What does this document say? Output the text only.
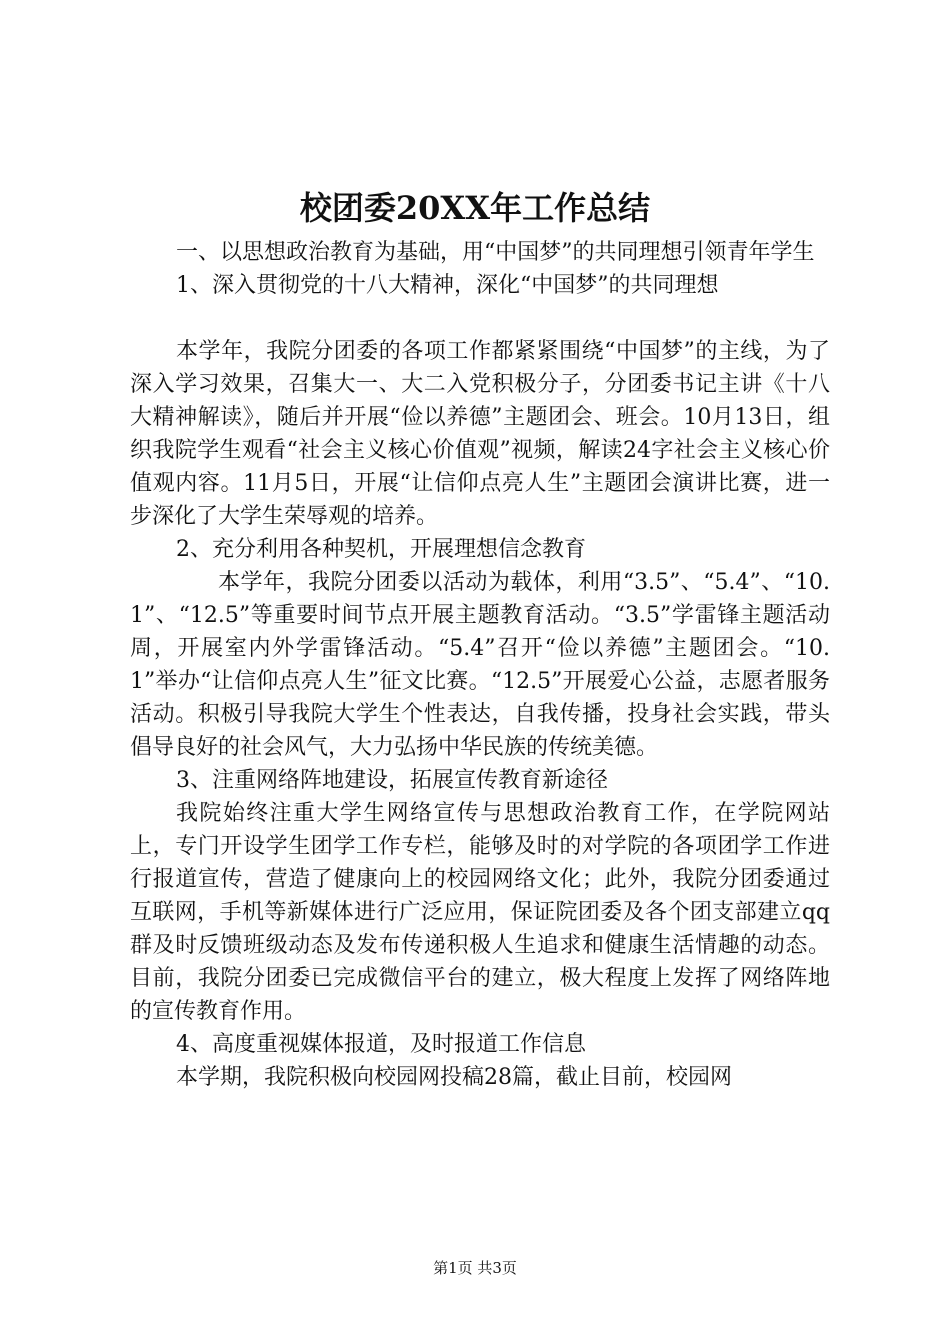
校团委20XX年工作总结

一、以思想政治教育为基础，用“中国梦”的共同理想引领青年学生

1、深入贯彻党的十八大精神，深化“中国梦”的共同理想

本学年，我院分团委的各项工作都紧紧围绕“中国梦”的主线，为了深入学习效果，召集大一、大二入党积极分子，分团委书记主讲《十八大精神解读》，随后并开展“俭以养德”主题团会、班会。10月13日，组织我院学生观看“社会主义核心价值观”视频，解读24字社会主义核心价值观内容。11月5日，开展“让信仰点亮人生”主题团会演讲比赛，进一步深化了大学生荣辱观的培养。

2、充分利用各种契机，开展理想信念教育

本学年，我院分团委以活动为载体，利用“3.5”、“5.4”、“10.1”、“12.5”等重要时间节点开展主题教育活动。“3.5”学雷锋主题活动周，开展室内外学雷锋活动。“5.4”召开“俭以养德”主题团会。“10.1”举办“让信仰点亮人生”征文比赛。“12.5”开展爱心公益，志愿者服务活动。积极引导我院大学生个性表达，自我传播，投身社会实践，带头倡导良好的社会风气，大力弘扬中华民族的传统美德。

3、注重网络阵地建设，拓展宣传教育新途径

我院始终注重大学生网络宣传与思想政治教育工作，在学院网站上，专门开设学生团学工作专栏，能够及时的对学院的各项团学工作进行报道宣传，营造了健康向上的校园网络文化；此外，我院分团委通过互联网，手机等新媒体进行广泛应用，保证院团委及各个团支部建立qq群及时反馈班级动态及发布传递积极人生追求和健康生活情趣的动态。目前，我院分团委已完成微信平台的建立，极大程度上发挥了网络阵地的宣传教育作用。

4、高度重视媒体报道，及时报道工作信息

本学期，我院积极向校园网投稿28篇，截止目前，校园网

第1页 共3页
